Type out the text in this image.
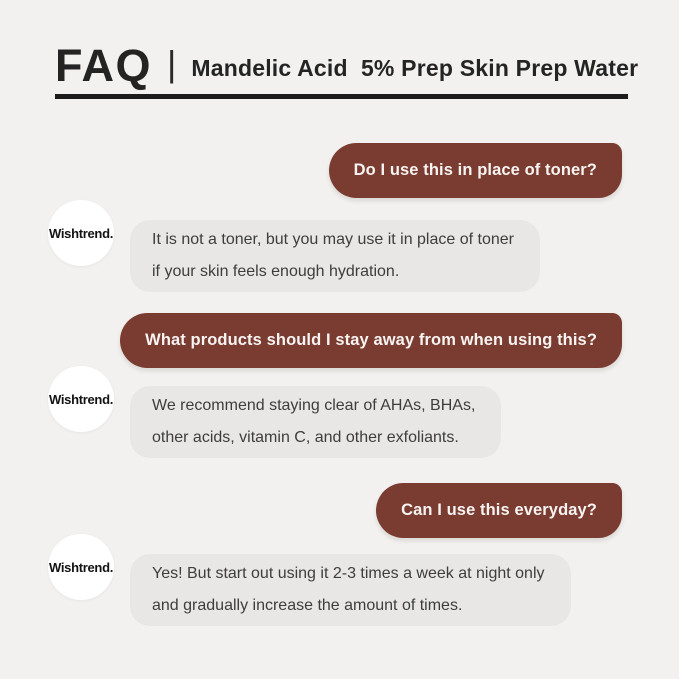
FAQ | Mandelic Acid  5% Prep Skin Prep Water
Do I use this in place of toner?
Wishtrend. It is not a toner, but you may use it in place of toner
if your skin feels enough hydration.
What products should I stay away from when using this?
Wishtrend. We recommend staying clear of AHAs, BHAs,
other acids, vitamin C, and other exfoliants.
Can I use this everyday?
Wishtrend. Yes! But start out using it 2-3 times a week at night only
and gradually increase the amount of times.
